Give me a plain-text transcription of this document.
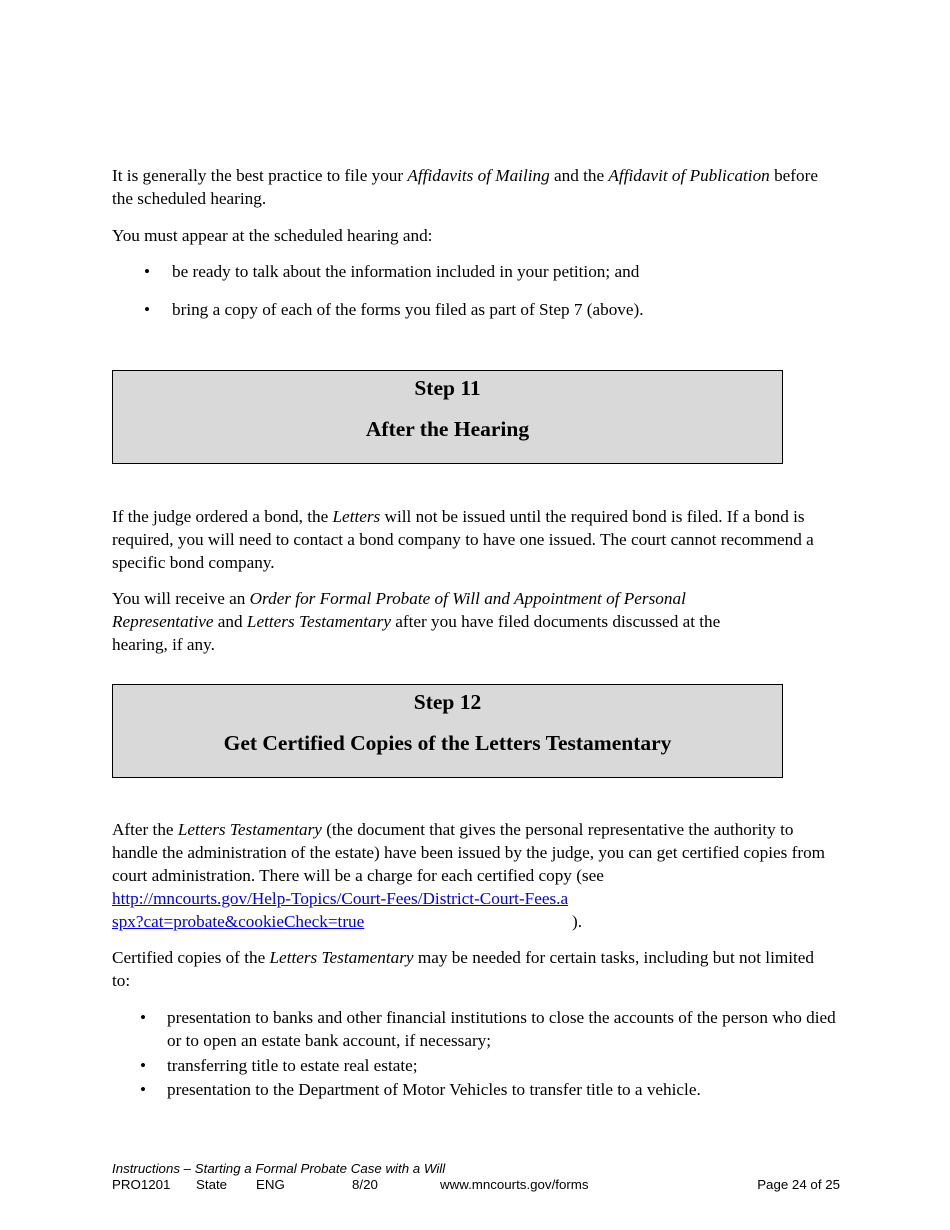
It is generally the best practice to file your Affidavits of Mailing and the Affidavit of Publication before the scheduled hearing.

You must appear at the scheduled hearing and:

• be ready to talk about the information included in your petition; and
• bring a copy of each of the forms you filed as part of Step 7 (above).
Step 11
After the Hearing

If the judge ordered a bond, the Letters will not be issued until the required bond is filed. If a bond is required, you will need to contact a bond company to have one issued. The court cannot recommend a specific bond company.

You will receive an Order for Formal Probate of Will and Appointment of Personal Representative and Letters Testamentary after you have filed documents discussed at the hearing, if any.

Step 12
Get Certified Copies of the Letters Testamentary

After the Letters Testamentary (the document that gives the personal representative the authority to handle the administration of the estate) have been issued by the judge, you can get certified copies from court administration. There will be a charge for each certified copy (see http://mncourts.gov/Help-Topics/Court-Fees/District-Court-Fees.aspx?cat=probate&cookieCheck=true	).

Certified copies of the Letters Testamentary may be needed for certain tasks, including but not limited to:

• presentation to banks and other financial institutions to close the accounts of the person who died or to open an estate bank account, if necessary;
• transferring title to estate real estate;
• presentation to the Department of Motor Vehicles to transfer title to a vehicle.
Instructions – Starting a Formal Probate Case with a Will
PRO1201 State ENG	8/20	www.mncourts.gov/forms	Page 24 of 25
